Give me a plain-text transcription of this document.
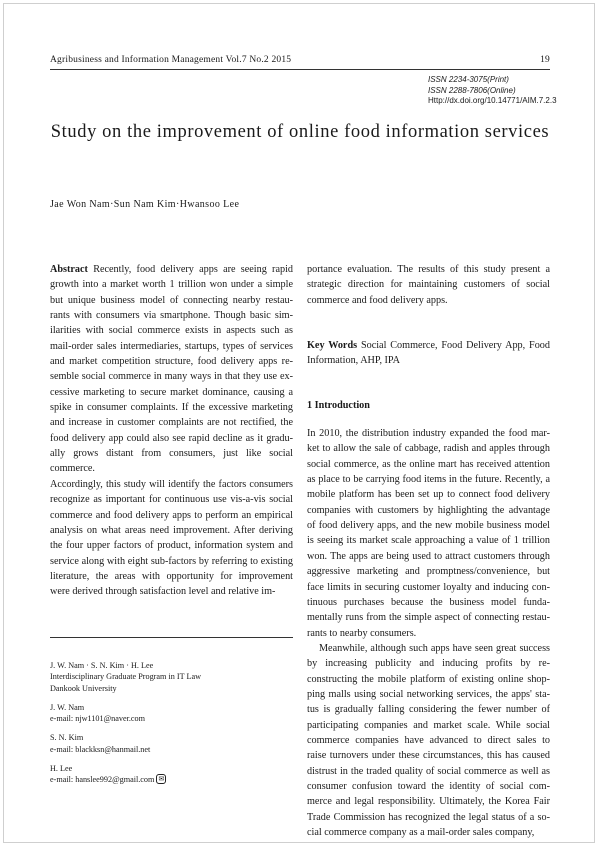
Agribusiness and Information Management Vol.7 No.2 2015	19
ISSN 2234-3075(Print)
ISSN 2288-7806(Online)
Http://dx.doi.org/10.14771/AIM.7.2.3
Study on the improvement of online food information services
Jae Won Nam·Sun Nam Kim·Hwansoo Lee

Abstract Recently, food delivery apps are seeing rapid

growth into a market worth 1 trillion won under a simple
but unique business model of connecting nearby restau-
rants with consumers via smartphone. Though basic sim-
ilarities with social commerce exists in aspects such as
mail-order sales intermediaries, startups, types of services
and market competition structure, food delivery apps re-
semble social commerce in many ways in that they use ex-
cessive marketing to secure market dominance, causing a
spike in consumer complaints. If the excessive marketing
and increase in customer complaints are not rectified, the
food delivery app could also see rapid decline as it gradu-
ally grows distant from consumers, just like social
commerce.
Accordingly, this study will identify the factors consumers
recognize as important for continuous use vis-a-vis social
commerce and food delivery apps to perform an empirical
analysis on what areas need improvement. After deriving
the four upper factors of product, information system and
service along with eight sub-factors by referring to existing
literature, the areas with opportunity for improvement
were derived through satisfaction level and relative im-

J. W. Nam · S. N. Kim · H. Lee
Interdisciplinary Graduate Program in IT Law
Dankook University

J. W. Nam
e-mail: njw1101@naver.com

S. N. Kim
e-mail: blackksn@hanmail.net

H. Lee
e-mail: hanslee992@gmail.com ✉

portance evaluation. The results of this study present a
strategic direction for maintaining customers of social
commerce and food delivery apps.

Key Words Social Commerce, Food Delivery App, Food

Information, AHP, IPA

1 Introduction

In 2010, the distribution industry expanded the food mar-
ket to allow the sale of cabbage, radish and apples through
social commerce, as the online mart has received attention
as place to be carrying food items in the future. Recently, a
mobile platform has been set up to connect food delivery
companies with customers by highlighting the advantage
of food delivery apps, and the new mobile business model
is seeing its market scale approaching a value of 1 trillion
won. The apps are being used to attract customers through
aggressive marketing and promptness/convenience, but
face limits in securing customer loyalty and inducing con-
tinuous purchases because the business model funda-
mentally runs from the simple aspect of connecting restau-
rants to nearby consumers.
Meanwhile, although such apps have seen great success
by increasing publicity and inducing profits by re-
constructing the mobile platform of existing online shop-
ping malls using social networking services, the apps' sta-
tus is gradually falling considering the fewer number of
participating companies and market scale. While social
commerce companies have advanced to direct sales to
raise turnovers under these circumstances, this has caused
distrust in the traded quality of social commerce as well as
consumer confusion toward the identity of social com-
merce and legal responsibility. Ultimately, the Korea Fair
Trade Commission has recognized the legal status of a so-
cial commerce company as a mail-order sales company,
